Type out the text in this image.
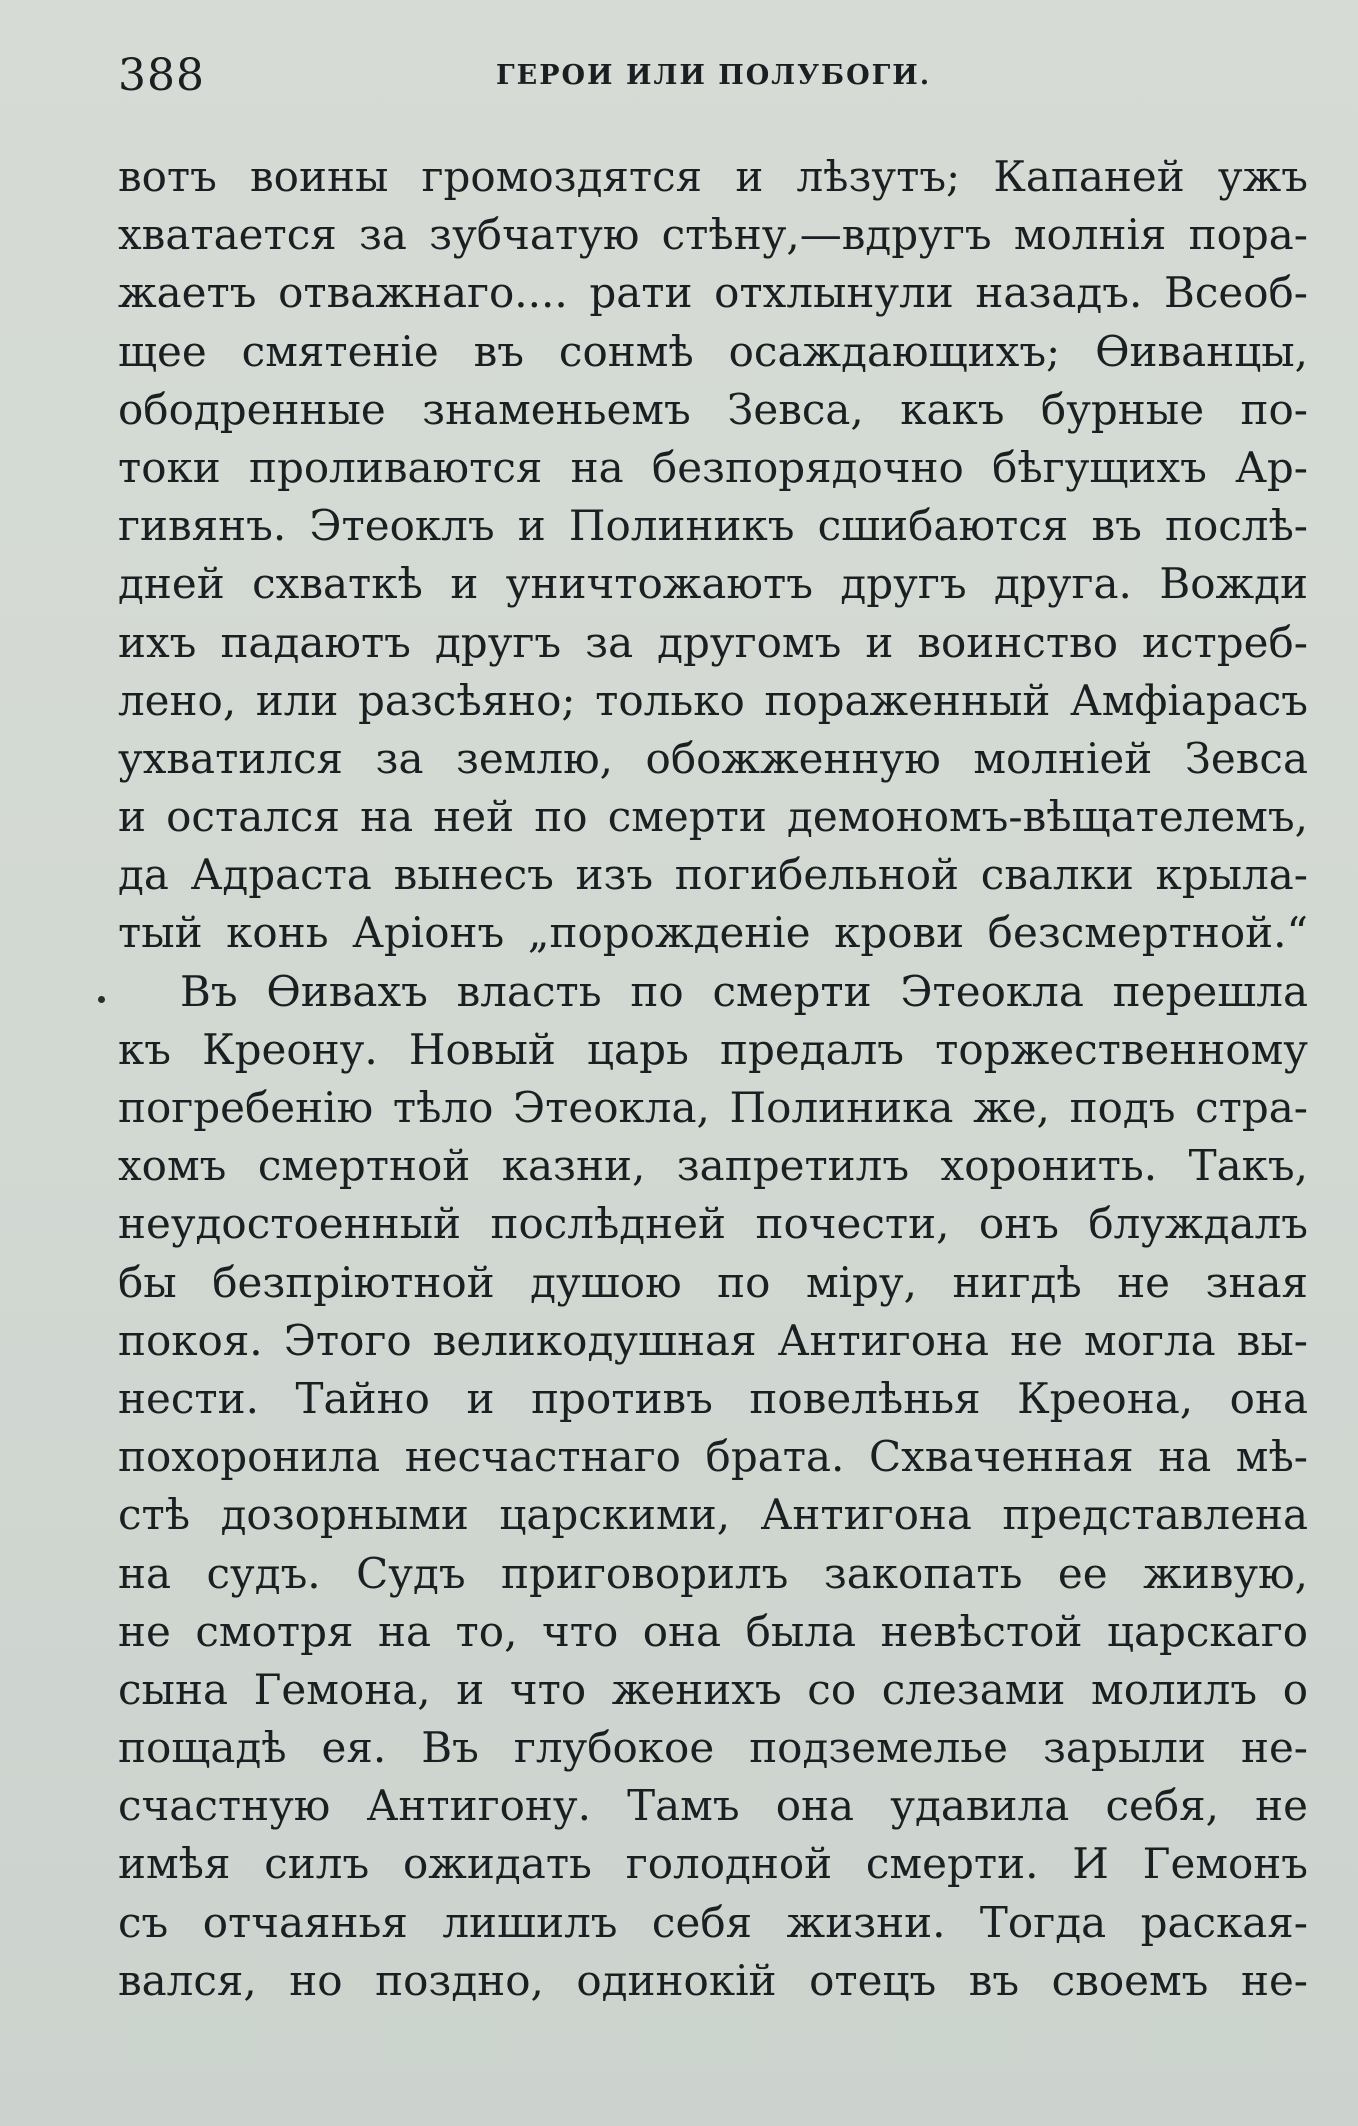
388	ГЕРОИ ИЛИ ПОЛУБОГИ.
вотъ воины громоздятся и лѣзутъ; Капаней ужъ
хватается за зубчатую стѣну,—вдругъ молнія пора-
жаетъ отважнаго.... рати отхлынули назадъ. Всеоб-
щее смятеніе въ сонмѣ осаждающихъ; Ѳиванцы,
ободренные знаменьемъ Зевса, какъ бурные по-
токи проливаются на безпорядочно бѣгущихъ Ар-
гивянъ. Этеоклъ и Полиникъ сшибаются въ послѣ-
дней схваткѣ и уничтожаютъ другъ друга. Вожди
ихъ падаютъ другъ за другомъ и воинство истреб-
лено, или разсѣяно; только пораженный Амфіарасъ
ухватился за землю, обожженную молніей Зевса
и остался на ней по смерти демономъ-вѣщателемъ,
да Адраста вынесъ изъ погибельной свалки крыла-
тый конь Аріонъ „порожденіе крови безсмертной.“
Въ Ѳивахъ власть по смерти Этеокла перешла
къ Креону. Новый царь предалъ торжественному
погребенію тѣло Этеокла, Полиника же, подъ стра-
хомъ смертной казни, запретилъ хоронить. Такъ,
неудостоенный послѣдней почести, онъ блуждалъ
бы безпріютной душою по міру, нигдѣ не зная
покоя. Этого великодушная Антигона не могла вы-
нести. Тайно и противъ повелѣнья Креона, она
похоронила несчастнаго брата. Схваченная на мѣ-
стѣ дозорными царскими, Антигона представлена
на судъ. Судъ приговорилъ закопать ее живую,
не смотря на то, что она была невѣстой царскаго
сына Гемона, и что женихъ со слезами молилъ о
пощадѣ ея. Въ глубокое подземелье зарыли не-
счастную Антигону. Тамъ она удавила себя, не
имѣя силъ ожидать голодной смерти. И Гемонъ
съ отчаянья лишилъ себя жизни. Тогда раская-
вался, но поздно, одинокій отецъ въ своемъ не-
